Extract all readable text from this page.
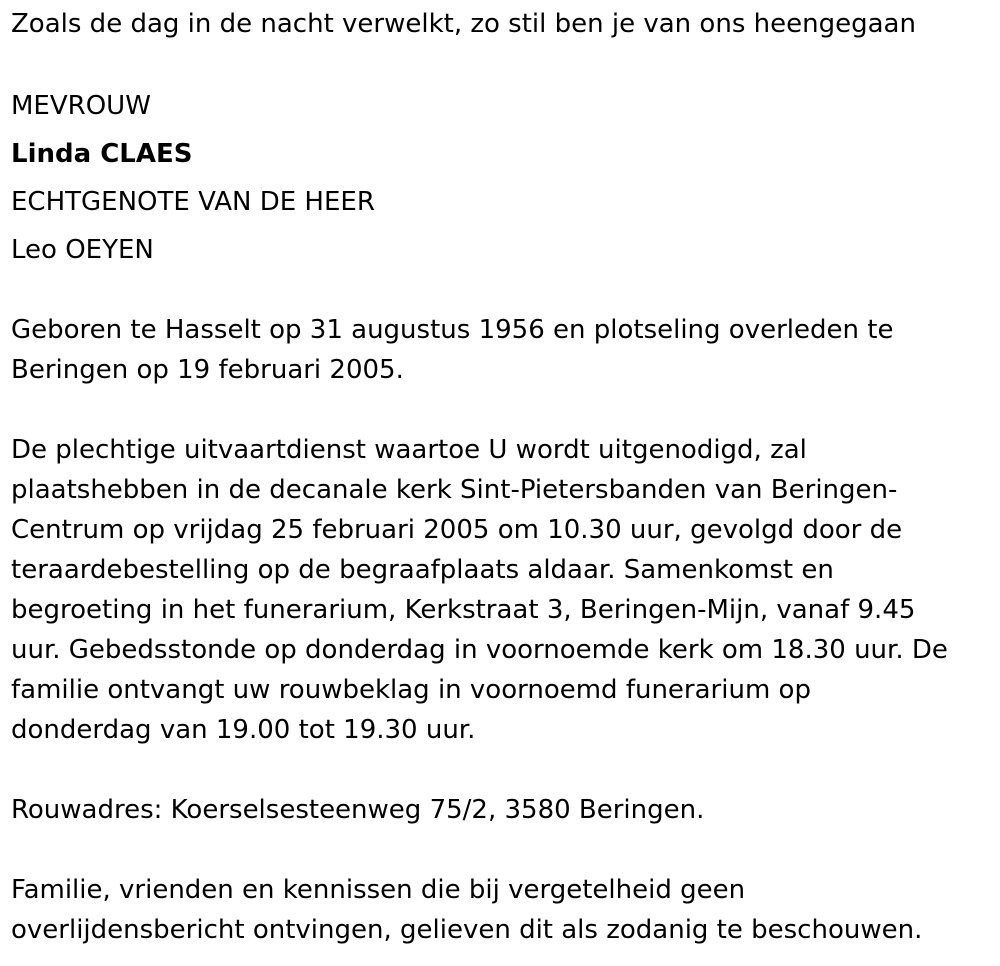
Zoals de dag in de nacht verwelkt, zo stil ben je van ons heengegaan

MEVROUW

Linda CLAES

ECHTGENOTE VAN DE HEER

Leo OEYEN

Geboren te Hasselt op 31 augustus 1956 en plotseling overleden te
Beringen op 19 februari 2005.
De plechtige uitvaartdienst waartoe U wordt uitgenodigd, zal
plaatshebben in de decanale kerk Sint-Pietersbanden van Beringen-
Centrum op vrijdag 25 februari 2005 om 10.30 uur, gevolgd door de
teraardebestelling op de begraafplaats aldaar. Samenkomst en
begroeting in het funerarium, Kerkstraat 3, Beringen-Mijn, vanaf 9.45
uur. Gebedsstonde op donderdag in voornoemde kerk om 18.30 uur. De
familie ontvangt uw rouwbeklag in voornoemd funerarium op
donderdag van 19.00 tot 19.30 uur.
Rouwadres: Koerselsesteenweg 75/2, 3580 Beringen.
Familie, vrienden en kennissen die bij vergetelheid geen
overlijdensbericht ontvingen, gelieven dit als zodanig te beschouwen.
